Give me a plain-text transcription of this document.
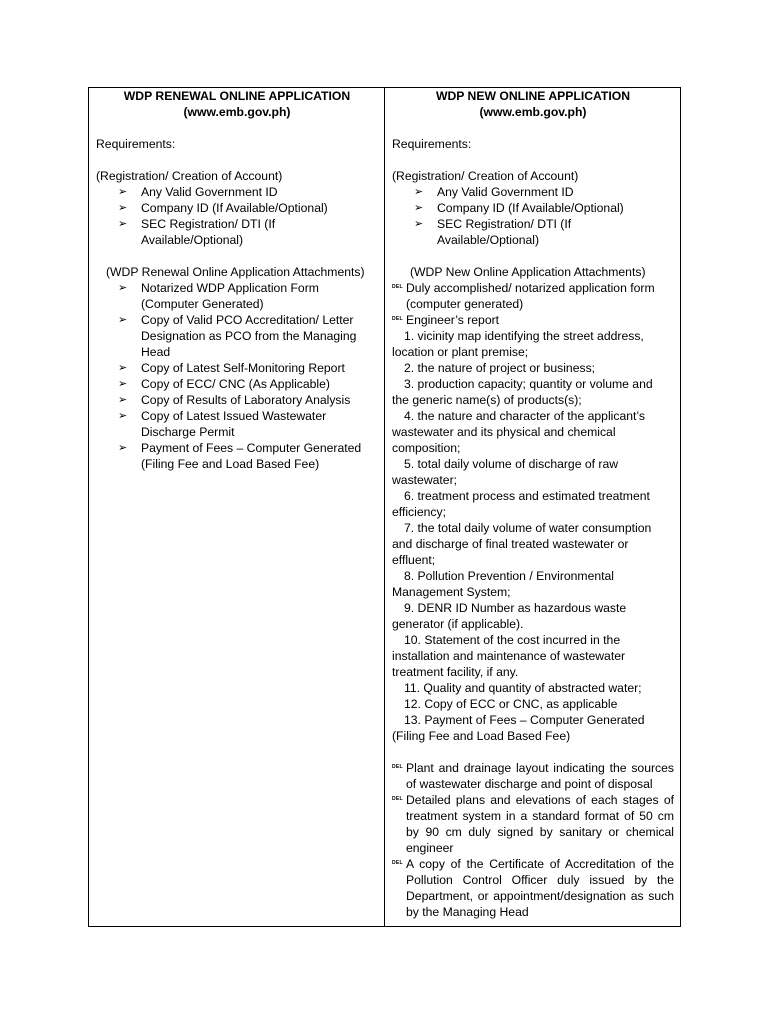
WDP RENEWAL ONLINE APPLICATION
(www.emb.gov.ph)
Requirements:
(Registration/ Creation of Account)
➢ Any Valid Government ID
➢ Company ID (If Available/Optional)
➢ SEC Registration/ DTI (If
Available/Optional)
(WDP Renewal Online Application Attachments)
➢ Notarized WDP Application Form
(Computer Generated)
➢ Copy of Valid PCO Accreditation/ Letter
Designation as PCO from the Managing
Head
➢ Copy of Latest Self-Monitoring Report
➢ Copy of ECC/ CNC (As Applicable)
➢ Copy of Results of Laboratory Analysis
➢ Copy of Latest Issued Wastewater
Discharge Permit
➢ Payment of Fees – Computer Generated
(Filing Fee and Load Based Fee)

WDP NEW ONLINE APPLICATION
(www.emb.gov.ph)
Requirements:
(Registration/ Creation of Account)
➢ Any Valid Government ID
➢ Company ID (If Available/Optional)
➢ SEC Registration/ DTI (If
Available/Optional)
(WDP New Online Application Attachments)
DEL Duly accomplished/ notarized application form
(computer generated)
DEL Engineer’s report
1. vicinity map identifying the street address,
location or plant premise;
2. the nature of project or business;
3. production capacity; quantity or volume and
the generic name(s) of products(s);
4. the nature and character of the applicant’s
wastewater and its physical and chemical
composition;
5. total daily volume of discharge of raw
wastewater;
6. treatment process and estimated treatment
efficiency;
7. the total daily volume of water consumption
and discharge of final treated wastewater or
effluent;
8. Pollution Prevention / Environmental
Management System;
9. DENR ID Number as hazardous waste
generator (if applicable).
10. Statement of the cost incurred in the
installation and maintenance of wastewater
treatment facility, if any.
11. Quality and quantity of abstracted water;
12. Copy of ECC or CNC, as applicable
13. Payment of Fees – Computer Generated
(Filing Fee and Load Based Fee)
DEL Plant and drainage layout indicating the sources
of wastewater discharge and point of disposal
DEL Detailed plans and elevations of each stages of
treatment system in a standard format of 50 cm
by 90 cm duly signed by sanitary or chemical
engineer
DEL A copy of the Certificate of Accreditation of the
Pollution Control Officer duly issued by the
Department, or appointment/designation as such
by the Managing Head
